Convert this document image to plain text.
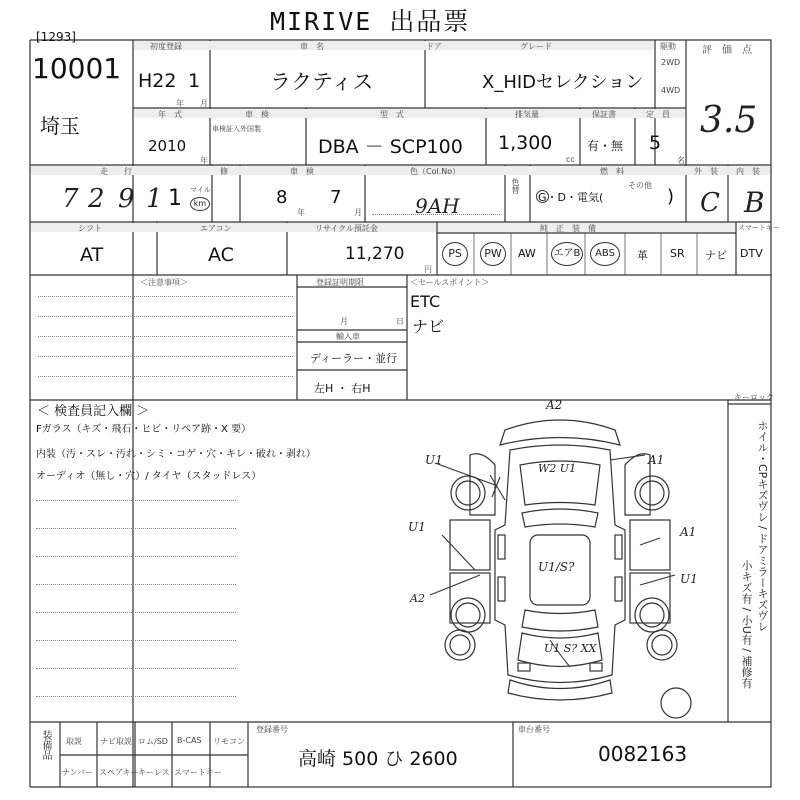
MIRIVE 出品票
[1293]
10001
埼玉
初度登録
H22 1
年 月
車　名
ラクティス
ドア	グレード
X_HIDセレクション
駆動
2WD
4WD
評　価　点
3.5
年　式
2010
年
車　検
車検証入外国製
型　式
DBA － SCP100
排気量
1,300
cc
保証書
有・無
定　員
5
名
走　　行
7 2 9 1 1 マイル
km
修	車　検
8
年
7
月
色（Col.No）
9AH
色替
燃　料
G・D・電気(
その他
)
外　装
C
内　装
B
シフト
AT
エアコン
AC
リサイクル預託金
11,270
円
純　正　装　備	スマートキー
PS	PW	AW エアB	ABS	革 SR ナビ DTV
＜注意事項＞	登録証明期限
月	日
輸入車
ディーラー・並行
左H ・ 右H
＜セールスポイント＞
ETC
ナビ
＜ 検査員記入欄 ＞
Fガラス（キズ・飛石・ヒビ・リペア跡・X 要）
内装（汚・スレ・汚れ・シミ・コゲ・穴・キレ・破れ・剥れ）
オーディオ（無し・穴）/ タイヤ（スタッドレス）
キーロック
ホイル・CPキズヴレ / ドアミラーキズヴレ
小キズ有 / 小U有 / 補修有
A2
U1	A1
W2 U1
U1
A2
U1/S?
A1
U1
U1 S? XX
装備品 取説 ナビ取説 ロム/SD B-CAS リモコン
ナンバー スペアキー キーレス スマートキー
登録番号
高崎 500 ひ 2600
車台番号
0082163
